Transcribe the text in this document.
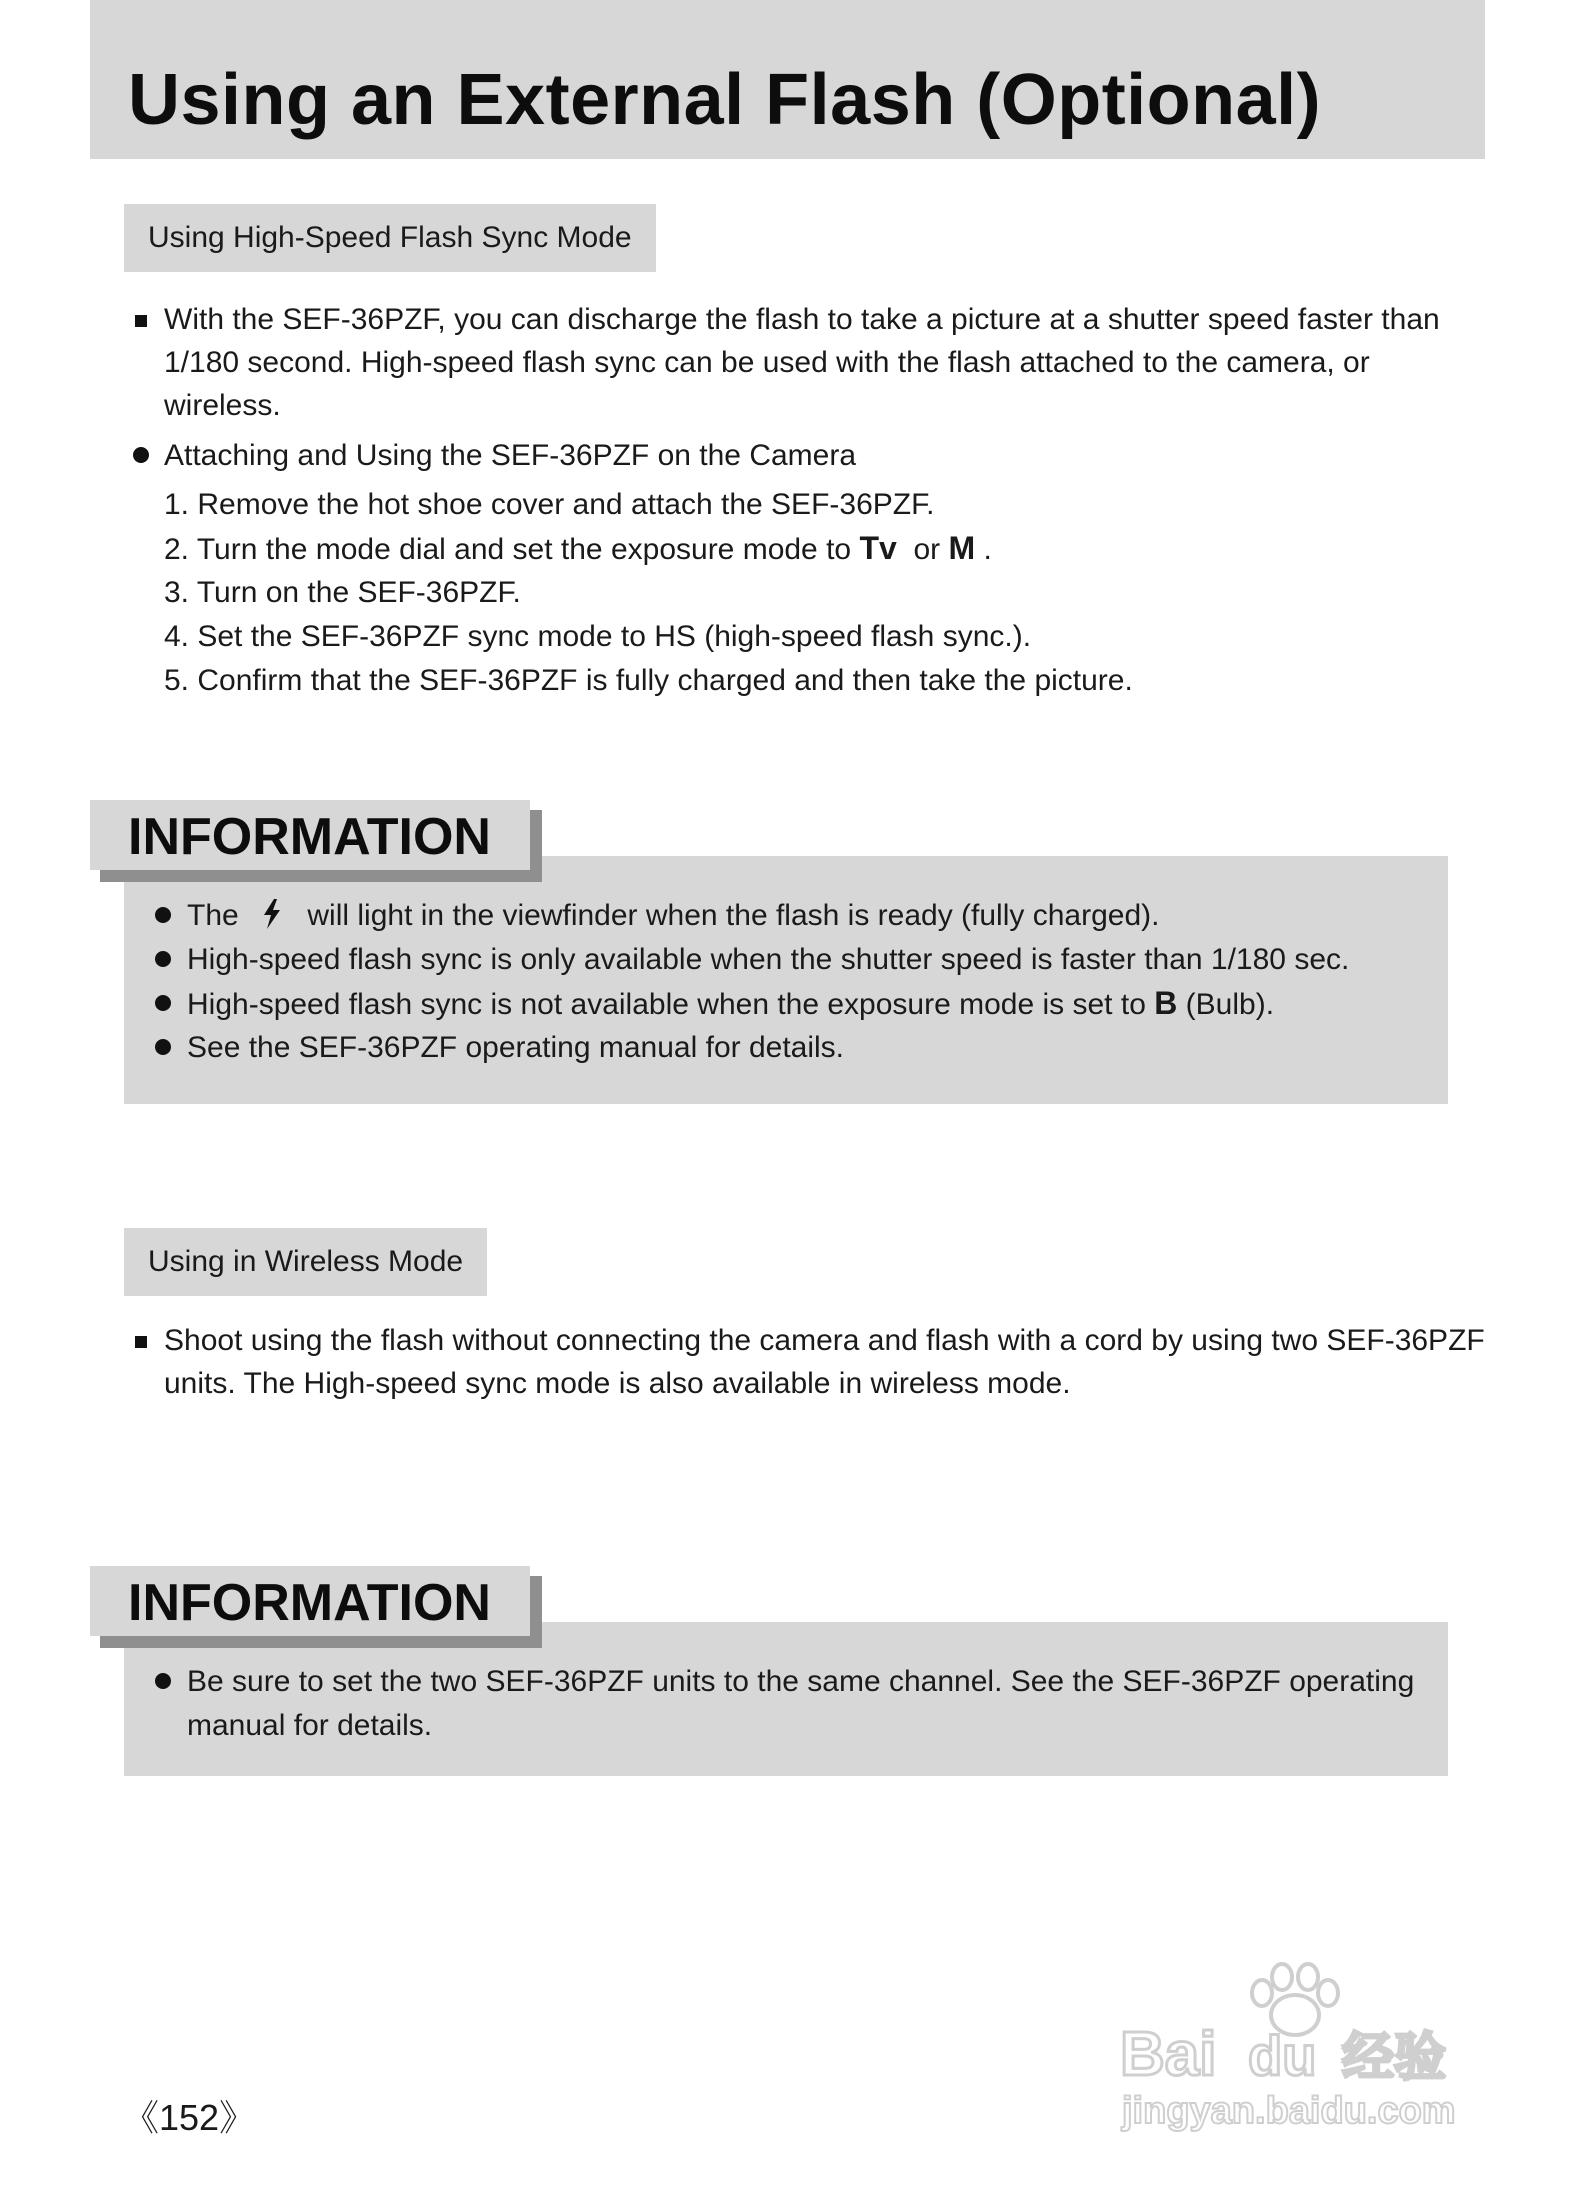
Using an External Flash (Optional)
Using High-Speed Flash Sync Mode
With the SEF-36PZF, you can discharge the flash to take a picture at a shutter speed faster than
1/180 second. High-speed flash sync can be used with the flash attached to the camera, or wireless.
Attaching and Using the SEF-36PZF on the Camera
1. Remove the hot shoe cover and attach the SEF-36PZF.
2. Turn the mode dial and set the exposure mode to Tv or M .
3. Turn on the SEF-36PZF.
4. Set the SEF-36PZF sync mode to HS (high-speed flash sync.).
5. Confirm that the SEF-36PZF is fully charged and then take the picture.
INFORMATION
The will light in the viewfinder when the flash is ready (fully charged).
High-speed flash sync is only available when the shutter speed is faster than 1/180 sec.
High-speed flash sync is not available when the exposure mode is set to B (Bulb).
See the SEF-36PZF operating manual for details.
Using in Wireless Mode
Shoot using the flash without connecting the camera and flash with a cord by using two SEF-36PZF
units. The High-speed sync mode is also available in wireless mode.
INFORMATION
Be sure to set the two SEF-36PZF units to the same channel. See the SEF-36PZF operating
manual for details.
《152》
Bai du 经验
jingyan.baidu.com
